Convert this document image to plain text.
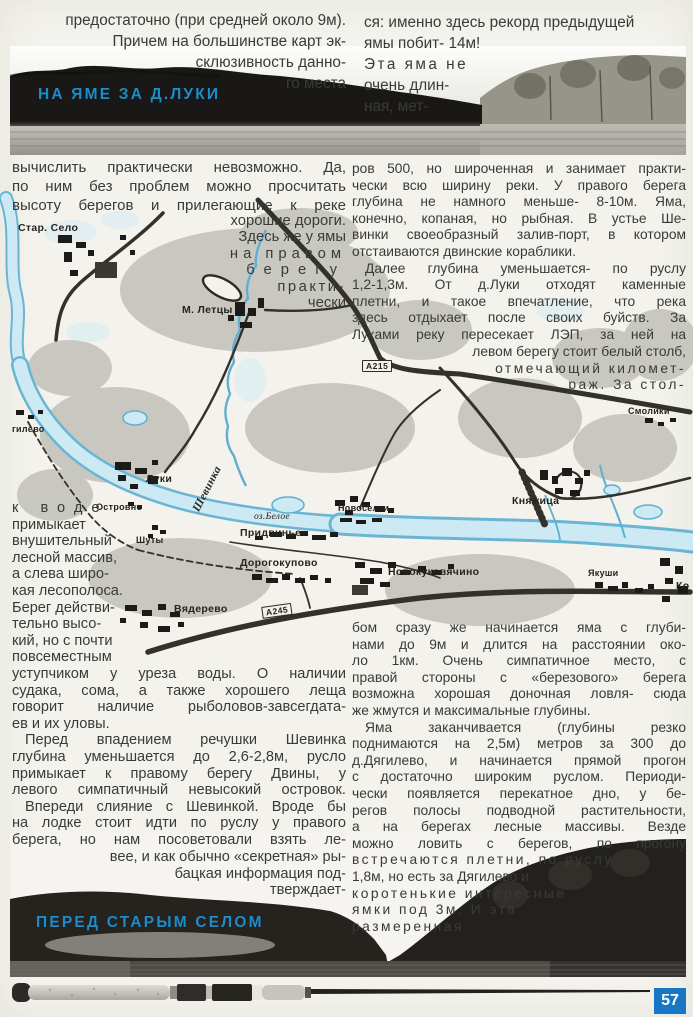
НА ЯМЕ ЗА Д.ЛУКИ
Стар. Село
М. Летцы
А215
Смолики
гилево
Луки Шевинка
Островно	Новоселки
оз.Белое
Придвинье
Шуты
Княжица
Дорогокупово
Новокуковячино	Якуши
Ко
Вядерево	А245
ПЕРЕД СТАРЫМ СЕЛОМ
предостаточно (при средней около 9м).
Причем на большинстве карт эк-
склюзивность данно-
го места
ся: именно здесь рекорд предыдущей
ямы побит- 14м!
Эта яма не
очень длин-
ная, мет-
вычислить практически невозможно. Да,
по ним без проблем можно просчитать
высоту берегов и прилегающие к реке
хорошие дороги.
Здесь же у ямы
на правом
берегу
практи-
чески
к воде
примыкает
внушительный
лесной массив,
а слева широ-
кая лесополоса.
Берег действи-
тельно высо-
кий, но с почти
повсеместным
уступчиком у уреза воды. О наличии
судака, сома, а также хорошего леща
говорит наличие рыболовов-завсегдата-
ев и их уловы.
Перед впадением речушки Шевинка
глубина уменьшается до 2,6-2,8м, русло
примыкает к правому берегу Двины, у
левого симпатичный невысокий островок.
Впереди слияние с Шевинкой. Вроде бы
на лодке стоит идти по руслу у правого
берега, но нам посоветовали взять ле-
вее, и как обычно «секретная» ры-
бацкая информация под-
тверждает-
ров 500, но широченная и занимает практи-
чески всю ширину реки. У правого берега
глубина не намного меньше- 8-10м. Яма,
конечно, копаная, но рыбная. В устье Ше-
винки своеобразный залив-порт, в котором
отстаиваются двинские кораблики.
Далее глубина уменьшается- по руслу
1,2-1,3м. От д.Луки отходят каменные
плетни, и такое впечатление, что река
здесь отдыхает после своих буйств. За
Луками реку пересекает ЛЭП, за ней на
левом берегу стоит белый столб,
отмечающий километ-
раж. За стол-
бом сразу же начинается яма с глуби-
нами до 9м и длится на расстоянии око-
ло 1км. Очень симпатичное место, с
правой стороны с «березового» берега
возможна хорошая доночная ловля- сюда
же жмутся и максимальные глубины.
Яма заканчивается (глубины резко
поднимаются на 2,5м) метров за 300 до
д.Дягилево, и начинается прямой прогон
с достаточно широким руслом. Периоди-
чески появляется перекатное дно, у бе-
регов полосы подводной растительности,
а на берегах лесные массивы. Везде
можно ловить с берегов, по прогону
встречаются плетни, по руслу
1,8м, но есть за Дягилево и
коротенькие интересные
ямки под 3м. И эта
размеренная
57
